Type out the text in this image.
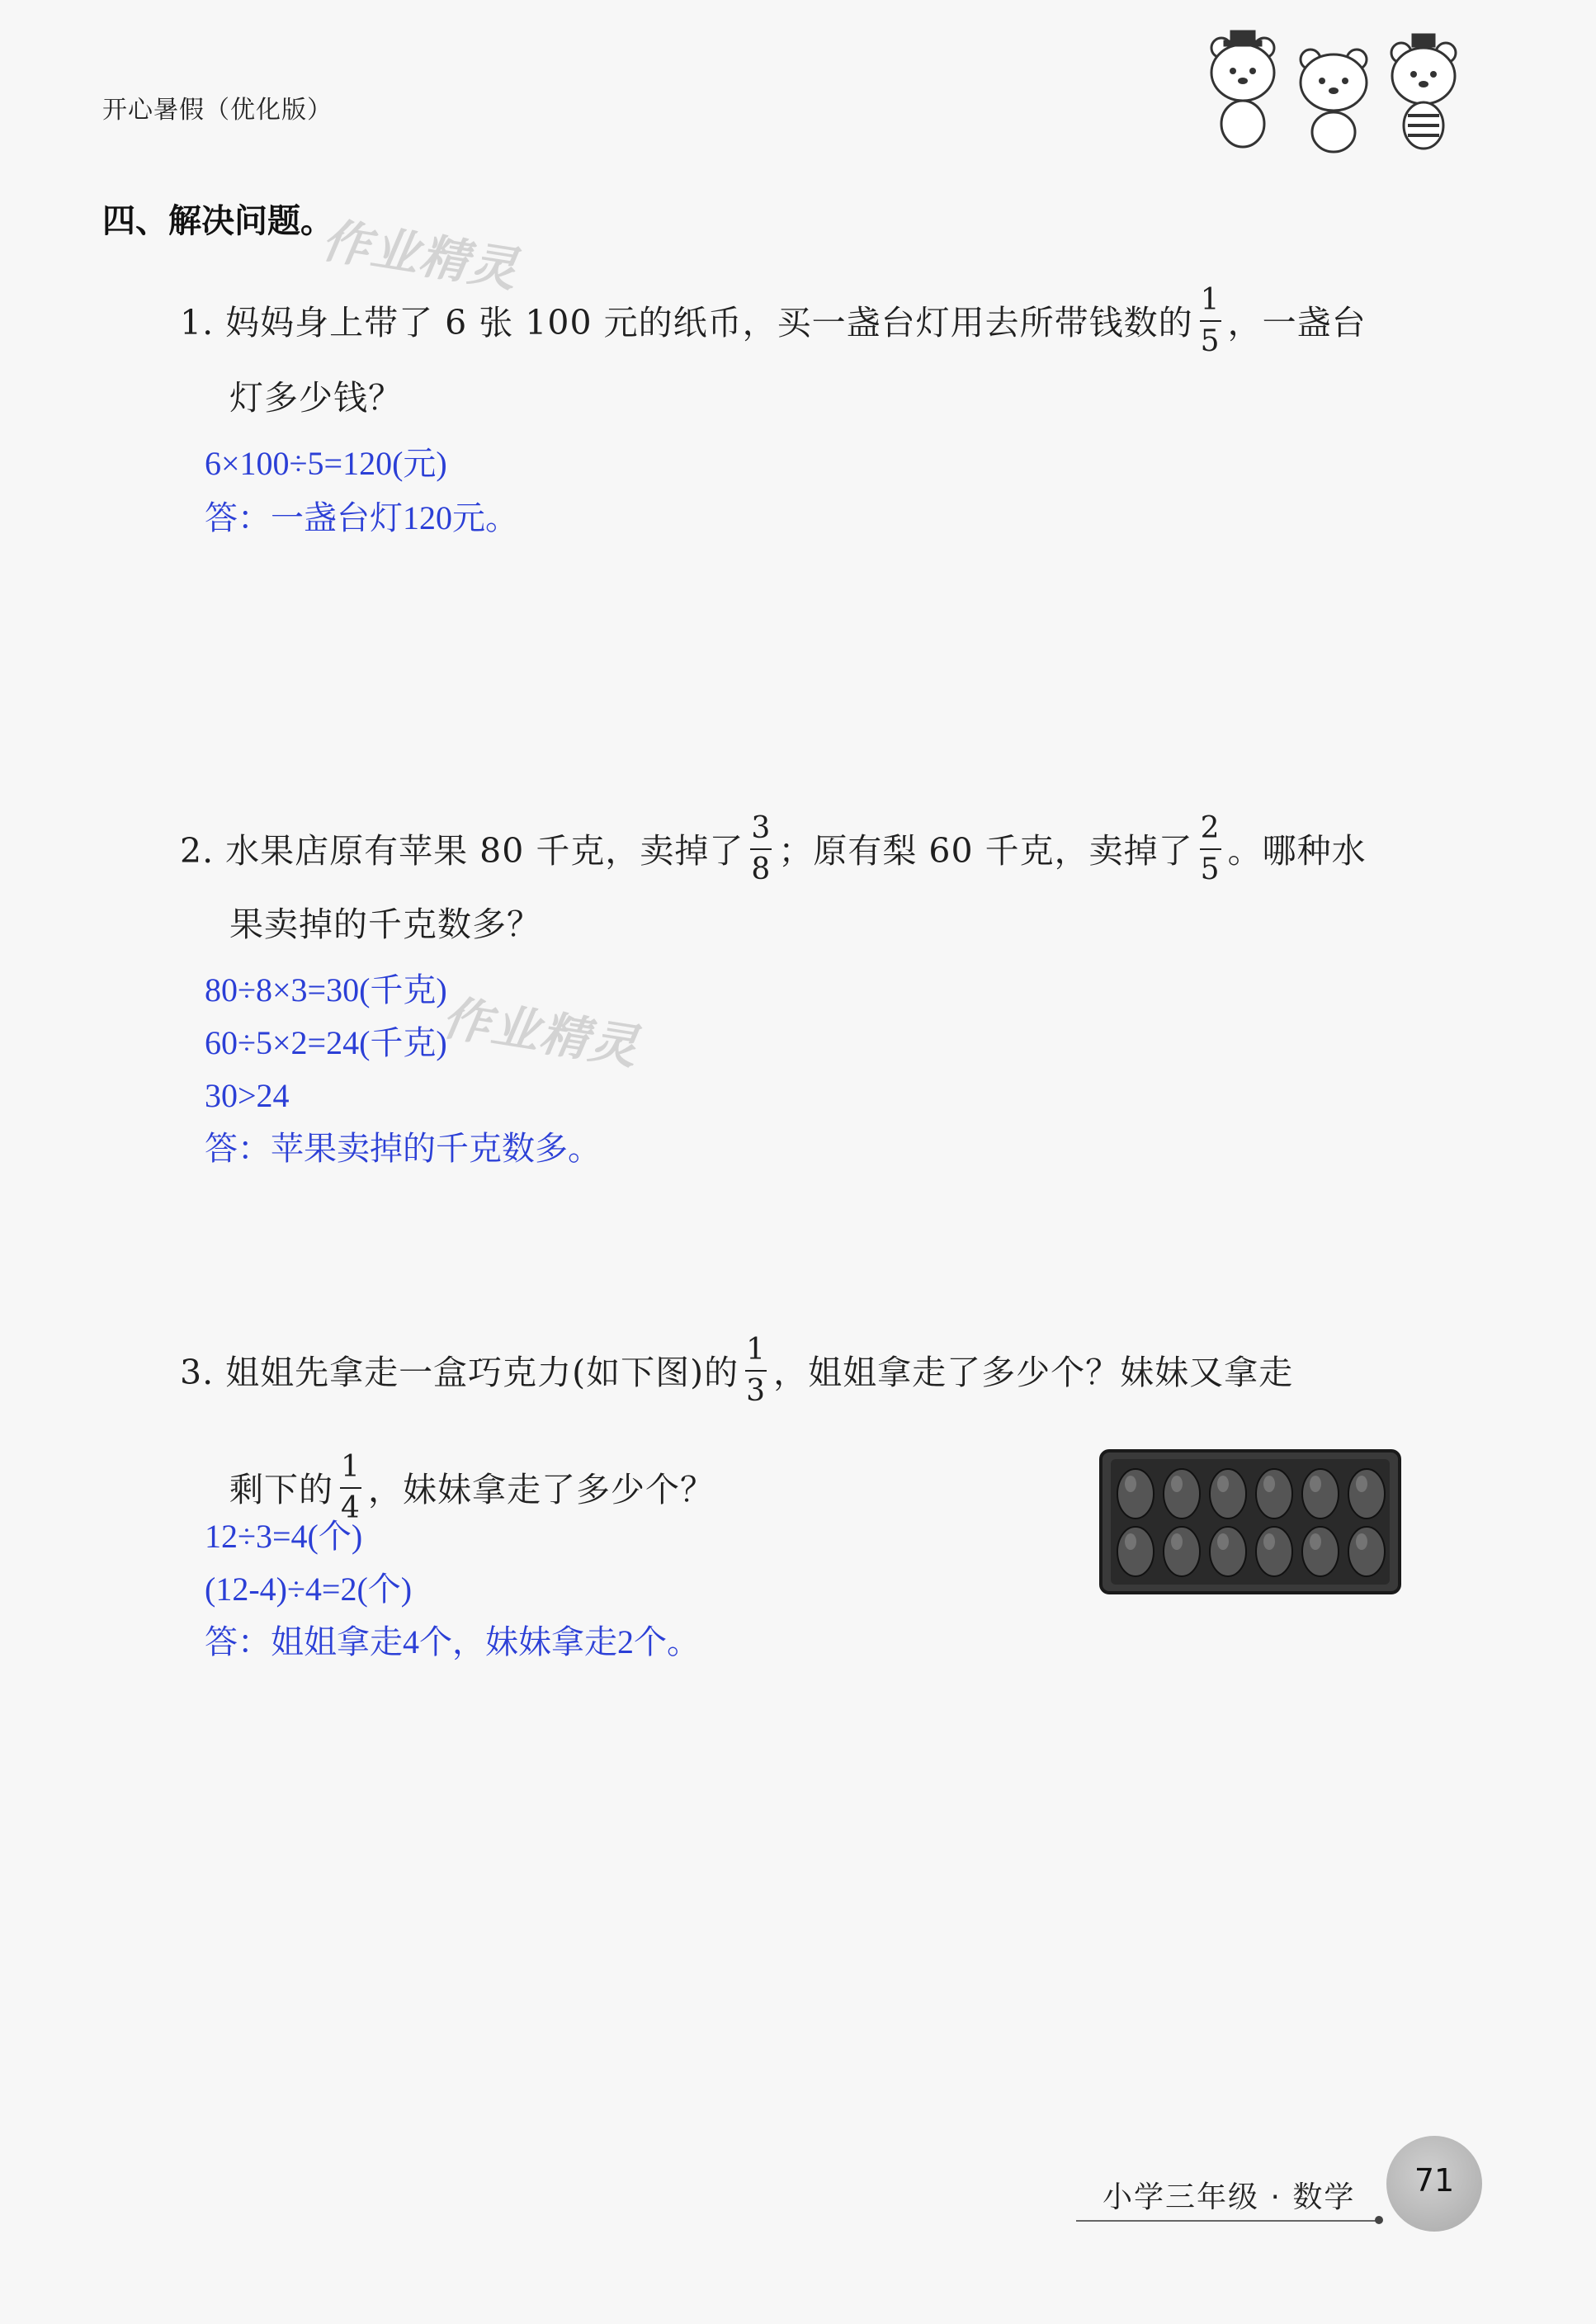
开心暑假（优化版）
四、解决问题。
作业精灵
作业精灵
1. 妈妈身上带了 6 张 100 元的纸币，买一盏台灯用去所带钱数的 $\frac{1}{5}$ ，一盏台
灯多少钱？
6×100÷5=120(元)
答：一盏台灯120元。
2. 水果店原有苹果 80 千克，卖掉了 $\frac{3}{8}$ ；原有梨 60 千克，卖掉了 $\frac{2}{5}$ 。哪种水
果卖掉的千克数多？
80÷8×3=30(千克)
60÷5×2=24(千克)
30>24
答：苹果卖掉的千克数多。
3. 姐姐先拿走一盒巧克力(如下图)的 $\frac{1}{3}$ ，姐姐拿走了多少个？妹妹又拿走
剩下的 $\frac{1}{4}$ ，妹妹拿走了多少个？
12÷3=4(个)
(12-4)÷4=2(个)
答：姐姐拿走4个，妹妹拿走2个。
小学三年级 · 数学	71
